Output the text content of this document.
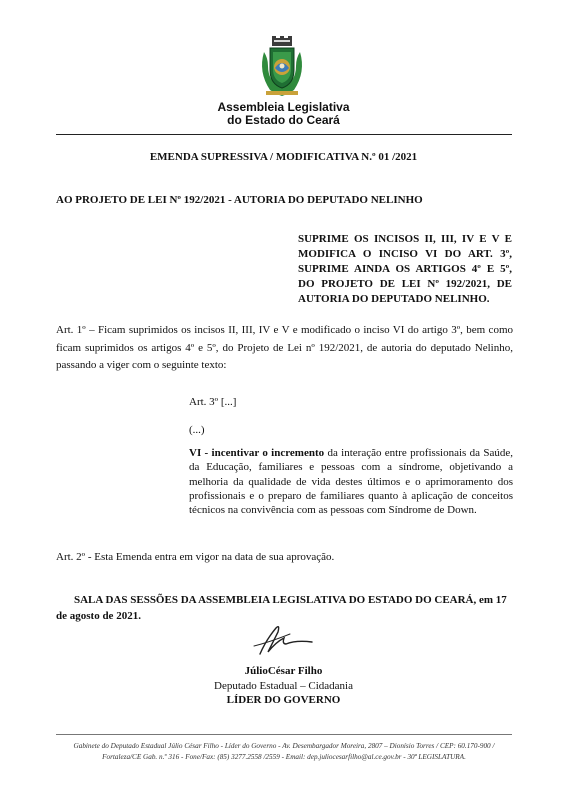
Assembleia Legislativa
do Estado do Ceará
EMENDA SUPRESSIVA / MODIFICATIVA N.º 01 /2021
AO PROJETO DE LEI Nº 192/2021 - AUTORIA DO DEPUTADO NELINHO
SUPRIME OS INCISOS II, III, IV E V E MODIFICA O INCISO VI DO ART. 3º, SUPRIME AINDA OS ARTIGOS 4º E 5º, DO PROJETO DE LEI Nº 192/2021, DE AUTORIA DO DEPUTADO NELINHO.
Art. 1º – Ficam suprimidos os incisos II, III, IV e V e modificado o inciso VI do artigo 3º, bem como ficam suprimidos os artigos 4º e 5º, do Projeto de Lei nº 192/2021, de autoria do deputado Nelinho, passando a viger com o seguinte texto:
Art. 3º [...]
(...)
VI - incentivar o incremento da interação entre profissionais da Saúde, da Educação, familiares e pessoas com a síndrome, objetivando a melhoria da qualidade de vida destes últimos e o aprimoramento dos profissionais e o preparo de familiares quanto à aplicação de conceitos técnicos na convivência com as pessoas com Síndrome de Down.
Art. 2º - Esta Emenda entra em vigor na data de sua aprovação.
SALA DAS SESSÕES DA ASSEMBLEIA LEGISLATIVA DO ESTADO DO CEARÁ, em 17 de agosto de 2021.
JúlioCésar Filho
Deputado Estadual – Cidadania
LÍDER DO GOVERNO
Gabinete do Deputado Estadual Júlio César Filho - Líder do Governo - Av. Desembargador Moreira, 2807 – Dionísio Torres / CEP: 60.170-900 /
Fortaleza/CE Gab. n.º 316 - Fone/Fax: (85) 3277.2558 /2559 - Email: dep.juliocesarfilho@al.ce.gov.br - 30ª LEGISLATURA.
